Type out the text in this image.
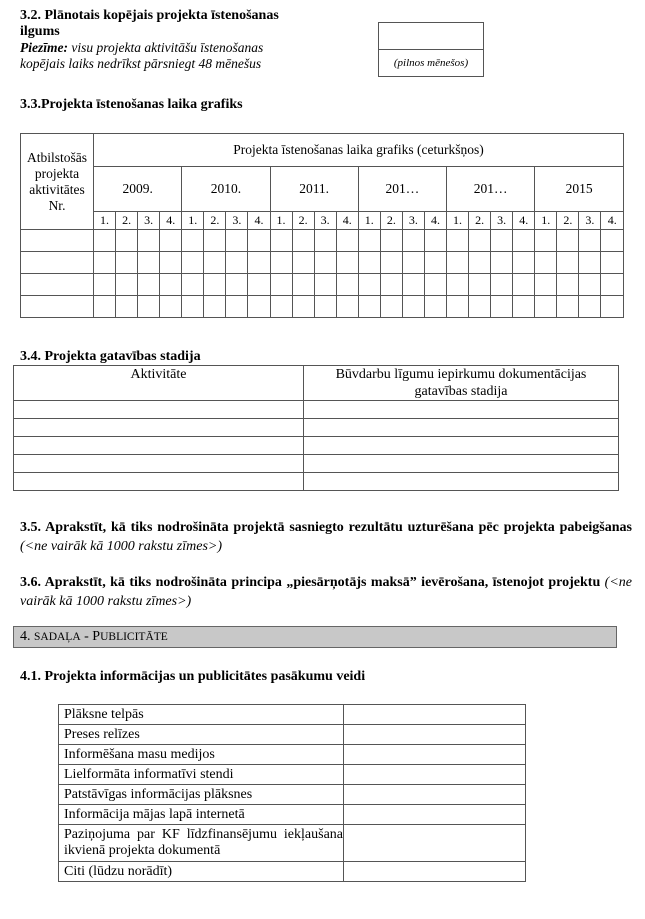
3.2. Plānotais kopējais projekta īstenošanas
ilgums
Piezīme: visu projekta aktivitāšu īstenošanas
kopējais laiks nedrīkst pārsniegt 48 mēnešus	(pilnos mēnešos)
3.3.Projekta īstenošanas laika grafiks
Atbilstošās projekta aktivitātes Nr.	Projekta īstenošanas laika grafiks (ceturkšņos)																							
	2009.				2010.				2011.				201…				201…				2015			
	1.	2.	3.	4.	1.	2.	3.	4.	1.	2.	3.	4.	1.	2.	3.	4.	1.	2.	3.	4.	1.	2.	3.	4.

3.4. Projekta gatavības stadija
Aktivitāte	Būvdarbu līgumu iepirkumu dokumentācijas
gatavības stadija

3.5. Aprakstīt, kā tiks nodrošināta projektā sasniegto rezultātu uzturēšana pēc projekta pabeigšanas (<ne vairāk kā 1000 rakstu zīmes>)
3.6. Aprakstīt, kā tiks nodrošināta principa „piesārņotājs maksā” ievērošana, īstenojot projektu (<ne vairāk kā 1000 rakstu zīmes>)
4. SADAĻA - PUBLICITĀTE
4.1. Projekta informācijas un publicitātes pasākumu veidi
Plāksne telpās	
Preses relīzes	
Informēšana masu medijos	
Lielformāta informatīvi stendi	
Patstāvīgas informācijas plāksnes	
Informācija mājas lapā internetā	
Paziņojuma par KF līdzfinansējumu iekļaušana ikvienā projekta dokumentā	
Citi (lūdzu norādīt)	
